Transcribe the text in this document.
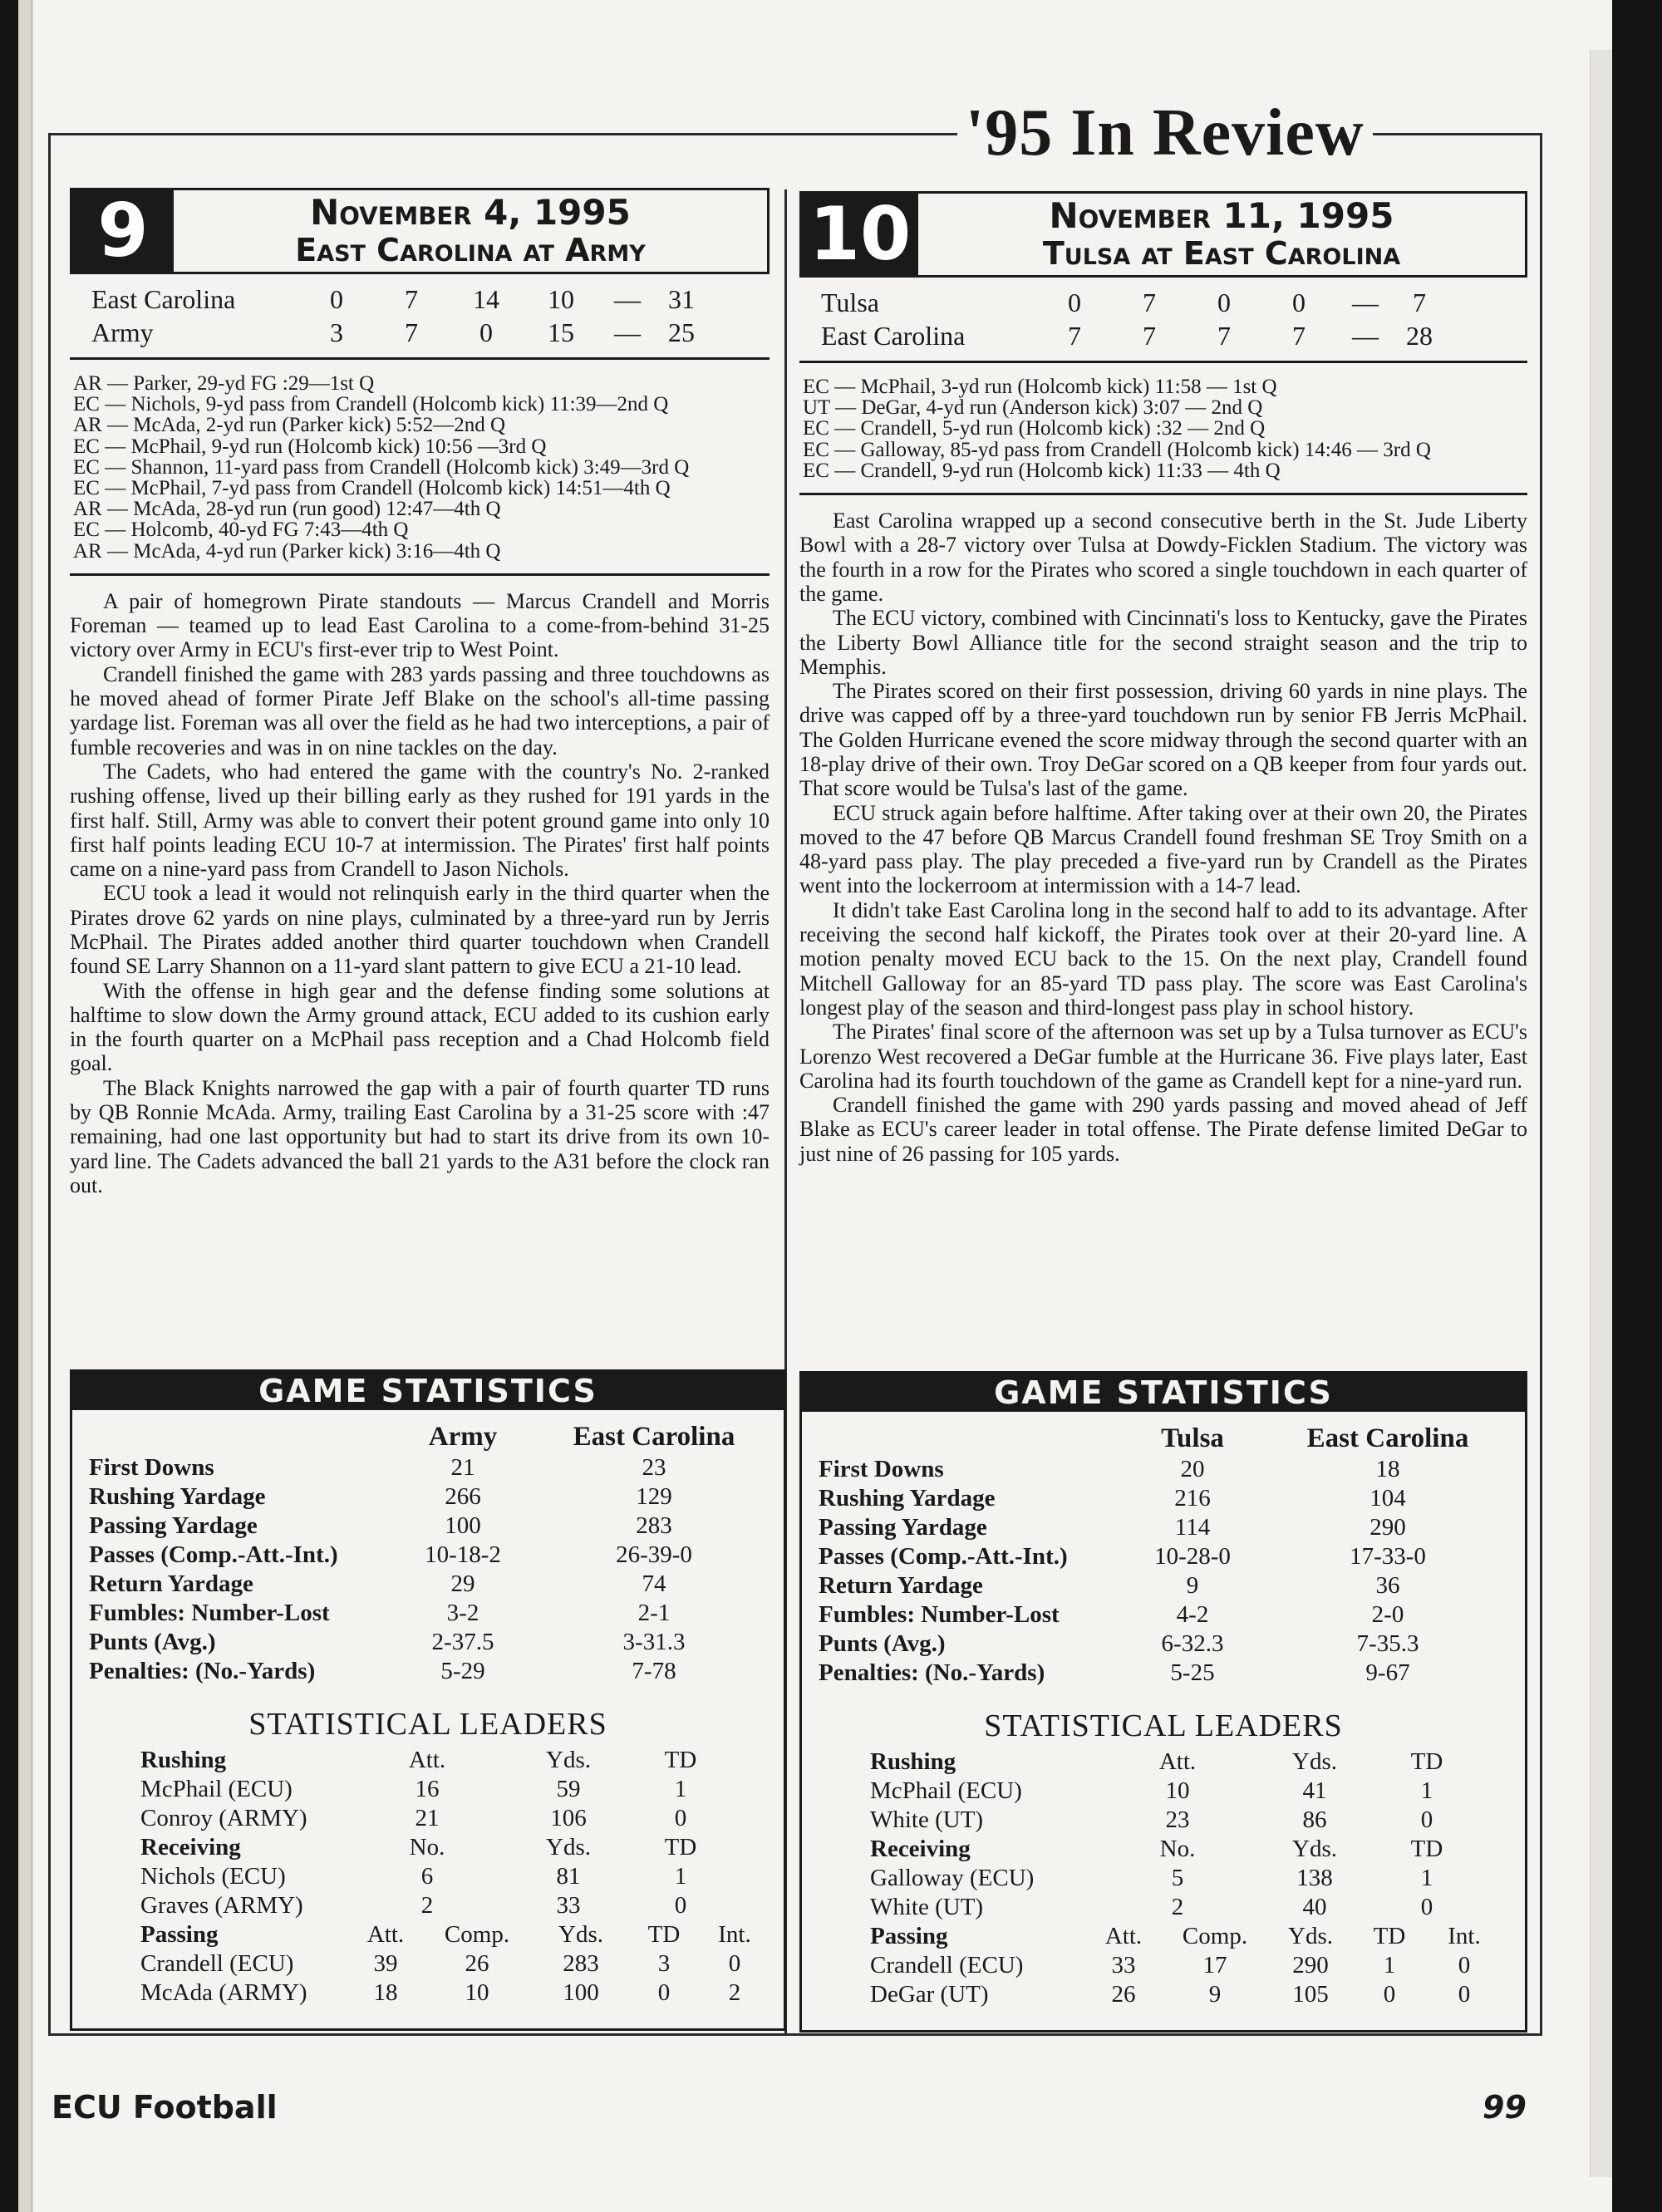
'95 In Review
9	November 4, 1995
East Carolina at Army
East Carolina	0	7	14	10	—	31
Army	3	7	0	15	—	25
AR — Parker, 29-yd FG :29—1st Q
EC — Nichols, 9-yd pass from Crandell (Holcomb kick) 11:39—2nd Q
AR — McAda, 2-yd run (Parker kick) 5:52—2nd Q
EC — McPhail, 9-yd run (Holcomb kick) 10:56 —3rd Q
EC — Shannon, 11-yard pass from Crandell (Holcomb kick) 3:49—3rd Q
EC — McPhail, 7-yd pass from Crandell (Holcomb kick) 14:51—4th Q
AR — McAda, 28-yd run (run good) 12:47—4th Q
EC — Holcomb, 40-yd FG 7:43—4th Q
AR — McAda, 4-yd run (Parker kick) 3:16—4th Q

A pair of homegrown Pirate standouts — Marcus Crandell and Morris Foreman — teamed up to lead East Carolina to a come-from-behind 31-25 victory over Army in ECU's first-ever trip to West Point.

Crandell finished the game with 283 yards passing and three touchdowns as he moved ahead of former Pirate Jeff Blake on the school's all-time passing yardage list. Foreman was all over the field as he had two interceptions, a pair of fumble recoveries and was in on nine tackles on the day.

The Cadets, who had entered the game with the country's No. 2-ranked rushing offense, lived up their billing early as they rushed for 191 yards in the first half. Still, Army was able to convert their potent ground game into only 10 first half points leading ECU 10-7 at intermission. The Pirates' first half points came on a nine-yard pass from Crandell to Jason Nichols.

ECU took a lead it would not relinquish early in the third quarter when the Pirates drove 62 yards on nine plays, culminated by a three-yard run by Jerris McPhail. The Pirates added another third quarter touchdown when Crandell found SE Larry Shannon on a 11-yard slant pattern to give ECU a 21-10 lead.

With the offense in high gear and the defense finding some solutions at halftime to slow down the Army ground attack, ECU added to its cushion early in the fourth quarter on a McPhail pass reception and a Chad Holcomb field goal.

The Black Knights narrowed the gap with a pair of fourth quarter TD runs by QB Ronnie McAda. Army, trailing East Carolina by a 31-25 score with :47 remaining, had one last opportunity but had to start its drive from its own 10-yard line. The Cadets advanced the ball 21 yards to the A31 before the clock ran out.

GAME STATISTICS
Army	East Carolina
First Downs	21	23
Rushing Yardage	266	129
Passing Yardage	100	283
Passes (Comp.-Att.-Int.)	10-18-2	26-39-0
Return Yardage	29	74
Fumbles: Number-Lost	3-2	2-1
Punts (Avg.)	2-37.5	3-31.3
Penalties: (No.-Yards)	5-29	7-78
STATISTICAL LEADERS
Rushing	Att.	Yds.	TD
McPhail (ECU)	16	59	1
Conroy (ARMY)	21	106	0
Receiving	No.	Yds.	TD
Nichols (ECU)	6	81	1
Graves (ARMY)	2	33	0
Passing	Att.	Comp.	Yds.	TD	Int.
Crandell (ECU)	39	26	283	3	0
McAda (ARMY)	18	10	100	0	2
10	November 11, 1995
Tulsa at East Carolina
Tulsa	0	7	0	0	—	7
East Carolina	7	7	7	7	—	28
EC — McPhail, 3-yd run (Holcomb kick) 11:58 — 1st Q
UT — DeGar, 4-yd run (Anderson kick) 3:07 — 2nd Q
EC — Crandell, 5-yd run (Holcomb kick) :32 — 2nd Q
EC — Galloway, 85-yd pass from Crandell (Holcomb kick) 14:46 — 3rd Q
EC — Crandell, 9-yd run (Holcomb kick) 11:33 — 4th Q

East Carolina wrapped up a second consecutive berth in the St. Jude Liberty Bowl with a 28-7 victory over Tulsa at Dowdy-Ficklen Stadium. The victory was the fourth in a row for the Pirates who scored a single touchdown in each quarter of the game.

The ECU victory, combined with Cincinnati's loss to Kentucky, gave the Pirates the Liberty Bowl Alliance title for the second straight season and the trip to Memphis.

The Pirates scored on their first possession, driving 60 yards in nine plays. The drive was capped off by a three-yard touchdown run by senior FB Jerris McPhail. The Golden Hurricane evened the score midway through the second quarter with an 18-play drive of their own. Troy DeGar scored on a QB keeper from four yards out. That score would be Tulsa's last of the game.

ECU struck again before halftime. After taking over at their own 20, the Pirates moved to the 47 before QB Marcus Crandell found freshman SE Troy Smith on a 48-yard pass play. The play preceded a five-yard run by Crandell as the Pirates went into the lockerroom at intermission with a 14-7 lead.

It didn't take East Carolina long in the second half to add to its advantage. After receiving the second half kickoff, the Pirates took over at their 20-yard line. A motion penalty moved ECU back to the 15. On the next play, Crandell found Mitchell Galloway for an 85-yard TD pass play. The score was East Carolina's longest play of the season and third-longest pass play in school history.

The Pirates' final score of the afternoon was set up by a Tulsa turnover as ECU's Lorenzo West recovered a DeGar fumble at the Hurricane 36. Five plays later, East Carolina had its fourth touchdown of the game as Crandell kept for a nine-yard run.

Crandell finished the game with 290 yards passing and moved ahead of Jeff Blake as ECU's career leader in total offense. The Pirate defense limited DeGar to just nine of 26 passing for 105 yards.

GAME STATISTICS
Tulsa	East Carolina
First Downs	20	18
Rushing Yardage	216	104
Passing Yardage	114	290
Passes (Comp.-Att.-Int.)	10-28-0	17-33-0
Return Yardage	9	36
Fumbles: Number-Lost	4-2	2-0
Punts (Avg.)	6-32.3	7-35.3
Penalties: (No.-Yards)	5-25	9-67
STATISTICAL LEADERS
Rushing	Att.	Yds.	TD
McPhail (ECU)	10	41	1
White (UT)	23	86	0
Receiving	No.	Yds.	TD
Galloway (ECU)	5	138	1
White (UT)	2	40	0
Passing	Att.	Comp.	Yds.	TD	Int.
Crandell (ECU)	33	17	290	1	0
DeGar (UT)	26	9	105	0	0
ECU Football	99
